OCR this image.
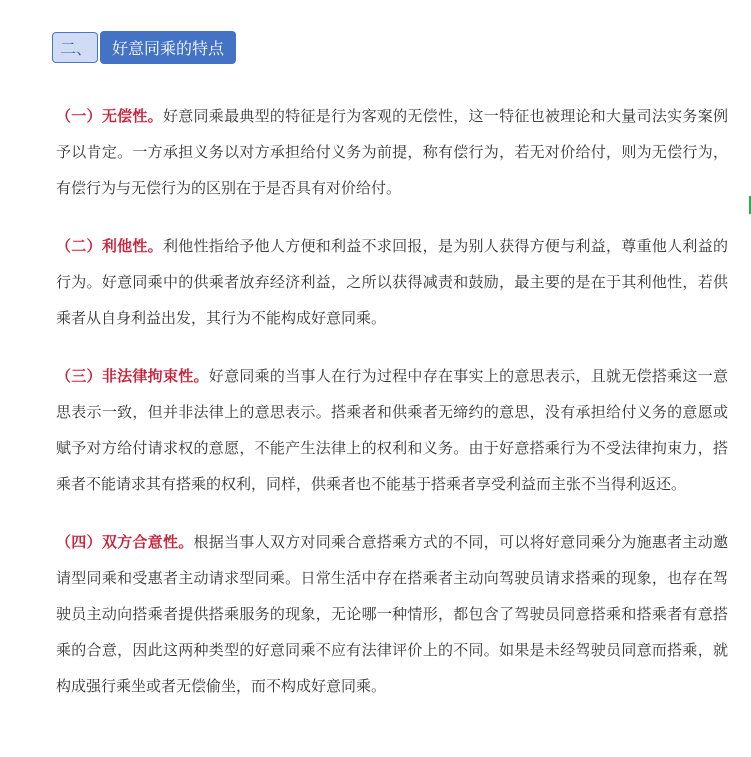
二、	好意同乘的特点

（一）无偿性。好意同乘最典型的特征是行为客观的无偿性，这一特征也被理论和大量司法实务案例予以肯定。一方承担义务以对方承担给付义务为前提，称有偿行为，若无对价给付，则为无偿行为，有偿行为与无偿行为的区别在于是否具有对价给付。

（二）利他性。利他性指给予他人方便和利益不求回报，是为别人获得方便与利益，尊重他人利益的行为。好意同乘中的供乘者放弃经济利益，之所以获得减责和鼓励，最主要的是在于其利他性，若供乘者从自身利益出发，其行为不能构成好意同乘。

（三）非法律拘束性。好意同乘的当事人在行为过程中存在事实上的意思表示，且就无偿搭乘这一意思表示一致，但并非法律上的意思表示。搭乘者和供乘者无缔约的意思，没有承担给付义务的意愿或赋予对方给付请求权的意愿，不能产生法律上的权利和义务。由于好意搭乘行为不受法律拘束力，搭乘者不能请求其有搭乘的权利，同样，供乘者也不能基于搭乘者享受利益而主张不当得利返还。

（四）双方合意性。根据当事人双方对同乘合意搭乘方式的不同，可以将好意同乘分为施惠者主动邀请型同乘和受惠者主动请求型同乘。日常生活中存在搭乘者主动向驾驶员请求搭乘的现象，也存在驾驶员主动向搭乘者提供搭乘服务的现象，无论哪一种情形，都包含了驾驶员同意搭乘和搭乘者有意搭乘的合意，因此这两种类型的好意同乘不应有法律评价上的不同。如果是未经驾驶员同意而搭乘，就构成强行乘坐或者无偿偷坐，而不构成好意同乘。
